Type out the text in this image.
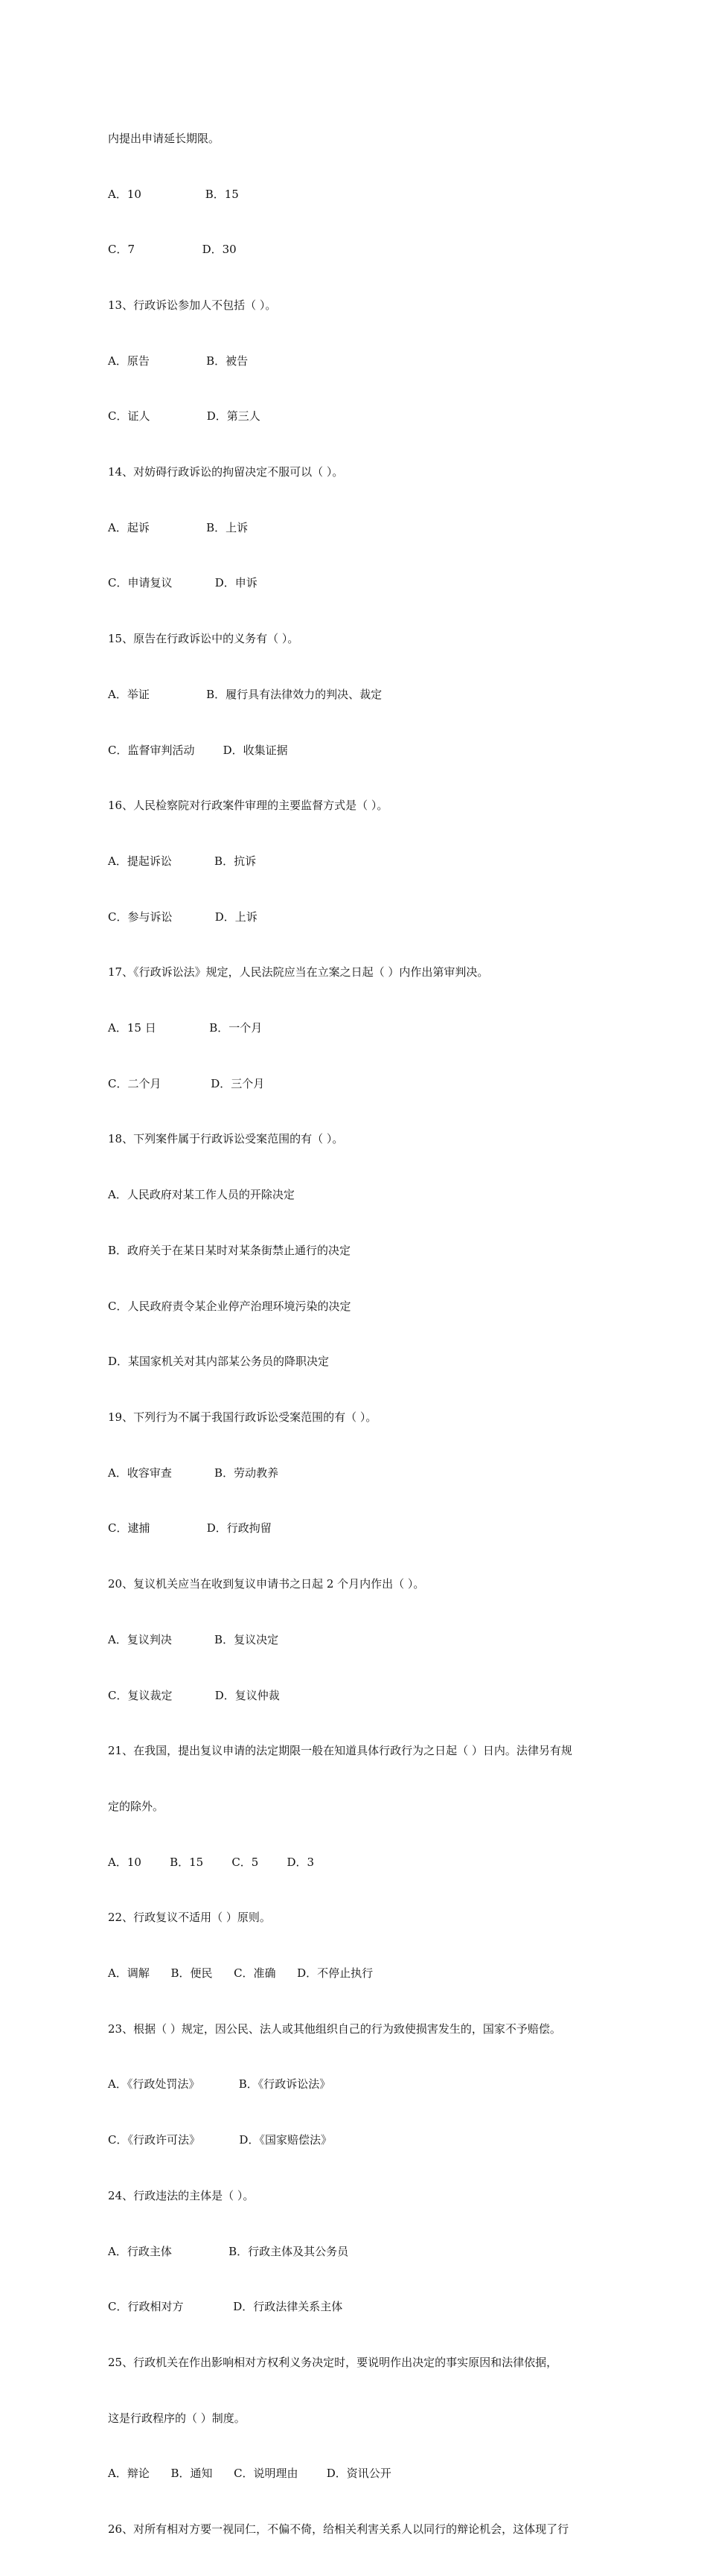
内提出申请延长期限。

A．10                  B．15

C．7                   D．30

13、行政诉讼参加人不包括（ ）。

A．原告                B．被告

C．证人                D．第三人

14、对妨碍行政诉讼的拘留决定不服可以（ ）。

A．起诉                B．上诉

C．申请复议            D．申诉

15、原告在行政诉讼中的义务有（ ）。

A．举证                B．履行具有法律效力的判决、裁定

C．监督审判活动        D．收集证据

16、人民检察院对行政案件审理的主要监督方式是（ ）。

A．提起诉讼            B．抗诉

C．参与诉讼            D．上诉

17、《行政诉讼法》规定，人民法院应当在立案之日起（ ）内作出第审判决。

A．15 日               B．一个月

C．二个月              D．三个月

18、下列案件属于行政诉讼受案范围的有（ ）。

A．人民政府对某工作人员的开除决定

B．政府关于在某日某时对某条街禁止通行的决定

C．人民政府责令某企业停产治理环境污染的决定

D．某国家机关对其内部某公务员的降职决定

19、下列行为不属于我国行政诉讼受案范围的有（ ）。

A．收容审查            B．劳动教养

C．逮捕                D．行政拘留

20、复议机关应当在收到复议申请书之日起 2 个月内作出（ ）。

A．复议判决            B．复议决定

C．复议裁定            D．复议仲裁

21、在我国，提出复议申请的法定期限一般在知道具体行政行为之日起（ ）日内。法律另有规

定的除外。

A．10        B．15        C．5        D．3

22、行政复议不适用（ ）原则。

A．调解      B．便民      C．准确      D．不停止执行

23、根据（ ）规定，因公民、法人或其他组织自己的行为致使损害发生的，国家不予赔偿。

A．《行政处罚法》           B．《行政诉讼法》

C．《行政许可法》           D．《国家赔偿法》

24、行政违法的主体是（ ）。

A．行政主体                B．行政主体及其公务员

C．行政相对方              D．行政法律关系主体

25、行政机关在作出影响相对方权利义务决定时，要说明作出决定的事实原因和法律依据，

这是行政程序的（ ）制度。

A．辩论      B．通知      C．说明理由        D．资讯公开

26、对所有相对方要一视同仁，不偏不倚，给相关利害关系人以同行的辩论机会，这体现了行
